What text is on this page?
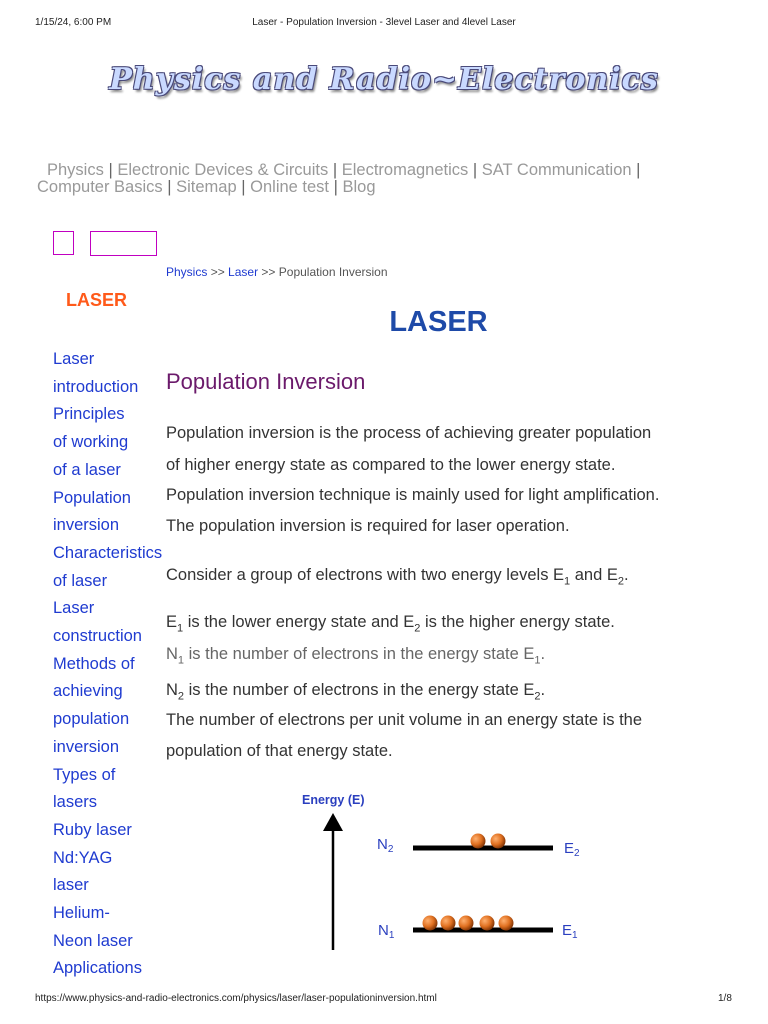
1/15/24, 6:00 PM	Laser - Population Inversion - 3level Laser and 4level Laser
Physics and Radio~Electronics
Physics | Electronic Devices & Circuits | Electromagnetics | SAT Communication |
Computer Basics | Sitemap | Online test | Blog
Physics >> Laser >> Population Inversion
LASER
Laser
introduction
Principles
of working
of a laser
Population
inversion
Characteristics
of laser
Laser
construction
Methods of
achieving
population
inversion
Types of
lasers
Ruby laser
Nd:YAG
laser
Helium-
Neon laser
Applications
LASER
Population Inversion
Population inversion is the process of achieving greater population
of higher energy state as compared to the lower energy state.
Population inversion technique is mainly used for light amplification.
The population inversion is required for laser operation.
Consider a group of electrons with two energy levels $E_1$ and $E_2$.
$E_1$ is the lower energy state and $E_2$ is the higher energy state.
$N_1$ is the number of electrons in the energy state $E_1$.
$N_2$ is the number of electrons in the energy state $E_2$.
The number of electrons per unit volume in an energy state is the
population of that energy state.
Energy (E)
$N_2$	$E_2$
$N_1$	$E_1$
https://www.physics-and-radio-electronics.com/physics/laser/laser-populationinversion.html	1/8
